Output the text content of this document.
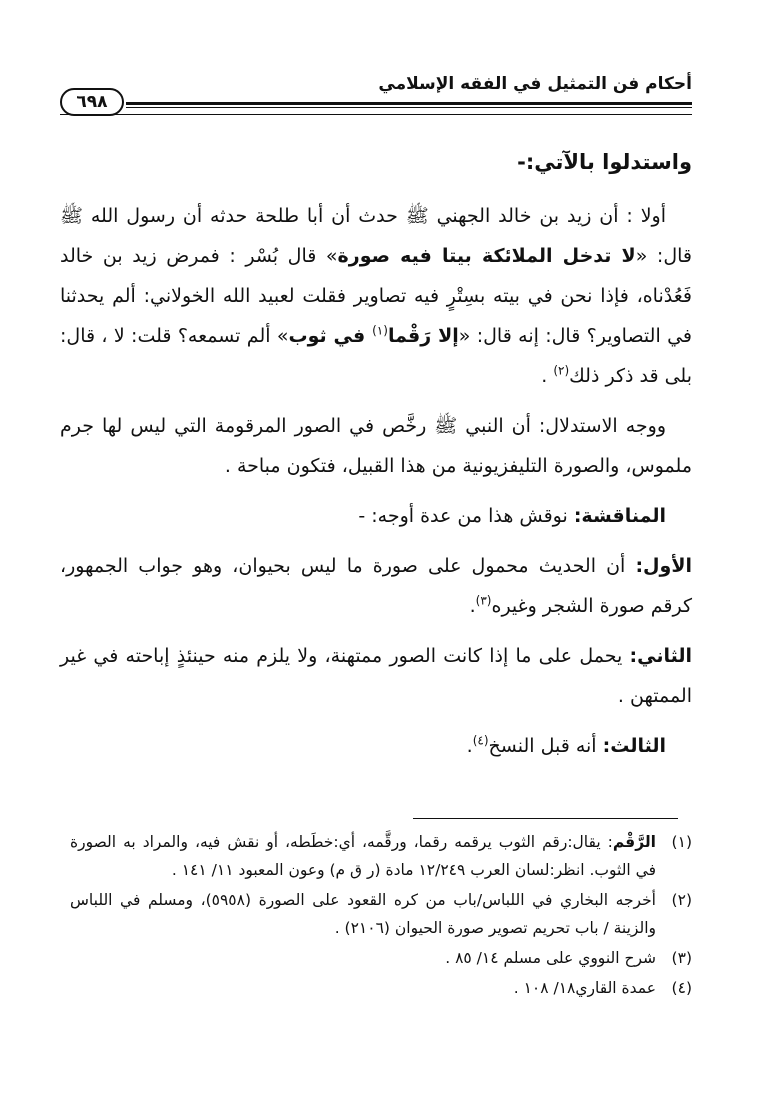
٦٩٨
أحكام فن التمثيل في الفقه الإسلامي
واستدلوا بالآتي:-

أولا : أن زيد بن خالد الجهني ﷺ حدث أن أبا طلحة حدثه أن رسول الله ﷺ قال: «لا تدخل الملائكة بيتا فيه صورة» قال بُسْر : فمرض زيد بن خالد فَعُدْناه، فإذا نحن في بيته بسِتْرٍ فيه تصاوير فقلت لعبيد الله الخولاني: ألم يحدثنا في التصاوير؟ قال: إنه قال: «إلا رَقْما$^{(١)}$ في ثوب» ألم تسمعه؟ قلت: لا ، قال: بلى قد ذكر ذلك$^{(٢)}$ .

ووجه الاستدلال: أن النبي ﷺ رخَّص في الصور المرقومة التي ليس لها جرم ملموس، والصورة التليفزيونية من هذا القبيل، فتكون مباحة .

المناقشة: نوقش هذا من عدة أوجه: -

الأول: أن الحديث محمول على صورة ما ليس بحيوان، وهو جواب الجمهور، كرقم صورة الشجر وغيره$^{(٣)}$.

الثاني: يحمل على ما إذا كانت الصور ممتهنة، ولا يلزم منه حينئذٍ إباحته في غير الممتهن .

الثالث: أنه قبل النسخ$^{(٤)}$.

(١)
الرَّقْم: يقال:رقم الثوب يرقمه رقما، ورقَّمه، أي:خطَطه، أو نقش فيه، والمراد به الصورة في الثوب. انظر:لسان العرب ١٢/٢٤٩ مادة (ر ق م) وعون المعبود ١١/ ١٤١ .
(٢)
أخرجه البخاري في اللباس/باب من كره القعود على الصورة (٥٩٥٨)، ومسلم في اللباس والزينة / باب تحريم تصوير صورة الحيوان (٢١٠٦) .
(٣)
شرح النووي على مسلم ١٤/ ٨٥ .
(٤)
عمدة القاري١٨/ ١٠٨ .
